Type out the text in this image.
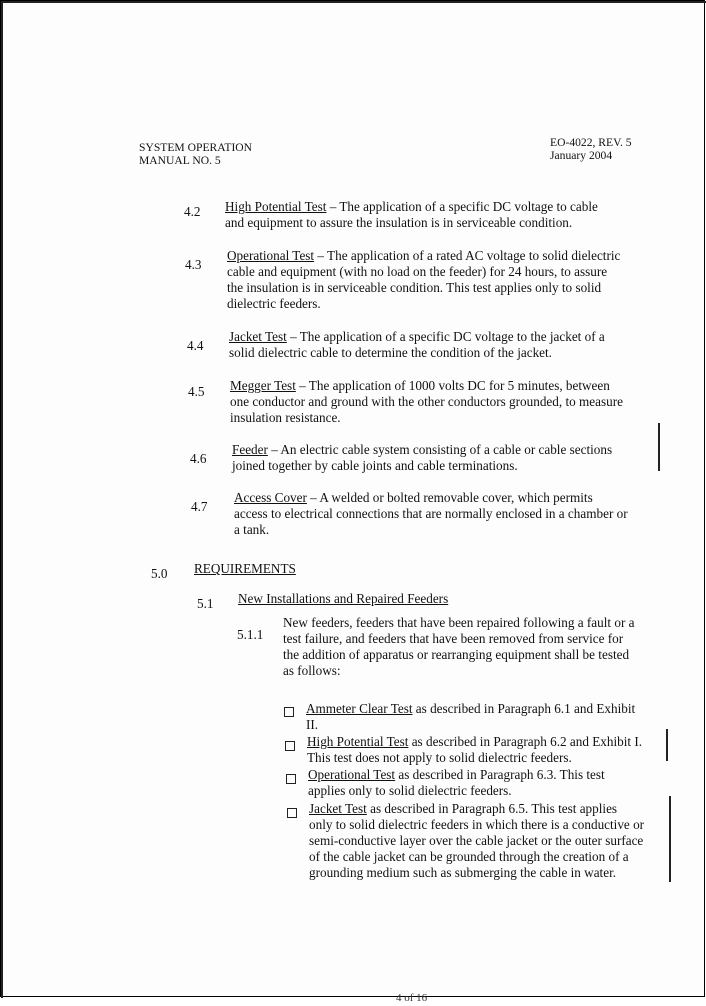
SYSTEM OPERATION
MANUAL NO. 5
EO-4022, REV. 5
January 2004
4.2 High Potential Test – The application of a specific DC voltage to cable
and equipment to assure the insulation is in serviceable condition.
4.3
Operational Test – The application of a rated AC voltage to solid dielectric
cable and equipment (with no load on the feeder) for 24 hours, to assure
the insulation is in serviceable condition. This test applies only to solid
dielectric feeders.
4.4
Jacket Test – The application of a specific DC voltage to the jacket of a
solid dielectric cable to determine the condition of the jacket.
4.5 Megger Test – The application of 1000 volts DC for 5 minutes, between
one conductor and ground with the other conductors grounded, to measure
insulation resistance.
4.6
Feeder – An electric cable system consisting of a cable or cable sections
joined together by cable joints and cable terminations.
4.7
Access Cover – A welded or bolted removable cover, which permits
access to electrical connections that are normally enclosed in a chamber or
a tank.
5.0 REQUIREMENTS
5.1 New Installations and Repaired Feeders
5.1.1
New feeders, feeders that have been repaired following a fault or a
test failure, and feeders that have been removed from service for
the addition of apparatus or rearranging equipment shall be tested
as follows:
Ammeter Clear Test as described in Paragraph 6.1 and Exhibit
II.
High Potential Test as described in Paragraph 6.2 and Exhibit I.
This test does not apply to solid dielectric feeders.
Operational Test as described in Paragraph 6.3. This test
applies only to solid dielectric feeders.
Jacket Test as described in Paragraph 6.5. This test applies
only to solid dielectric feeders in which there is a conductive or
semi-conductive layer over the cable jacket or the outer surface
of the cable jacket can be grounded through the creation of a
grounding medium such as submerging the cable in water.
4 of 16
